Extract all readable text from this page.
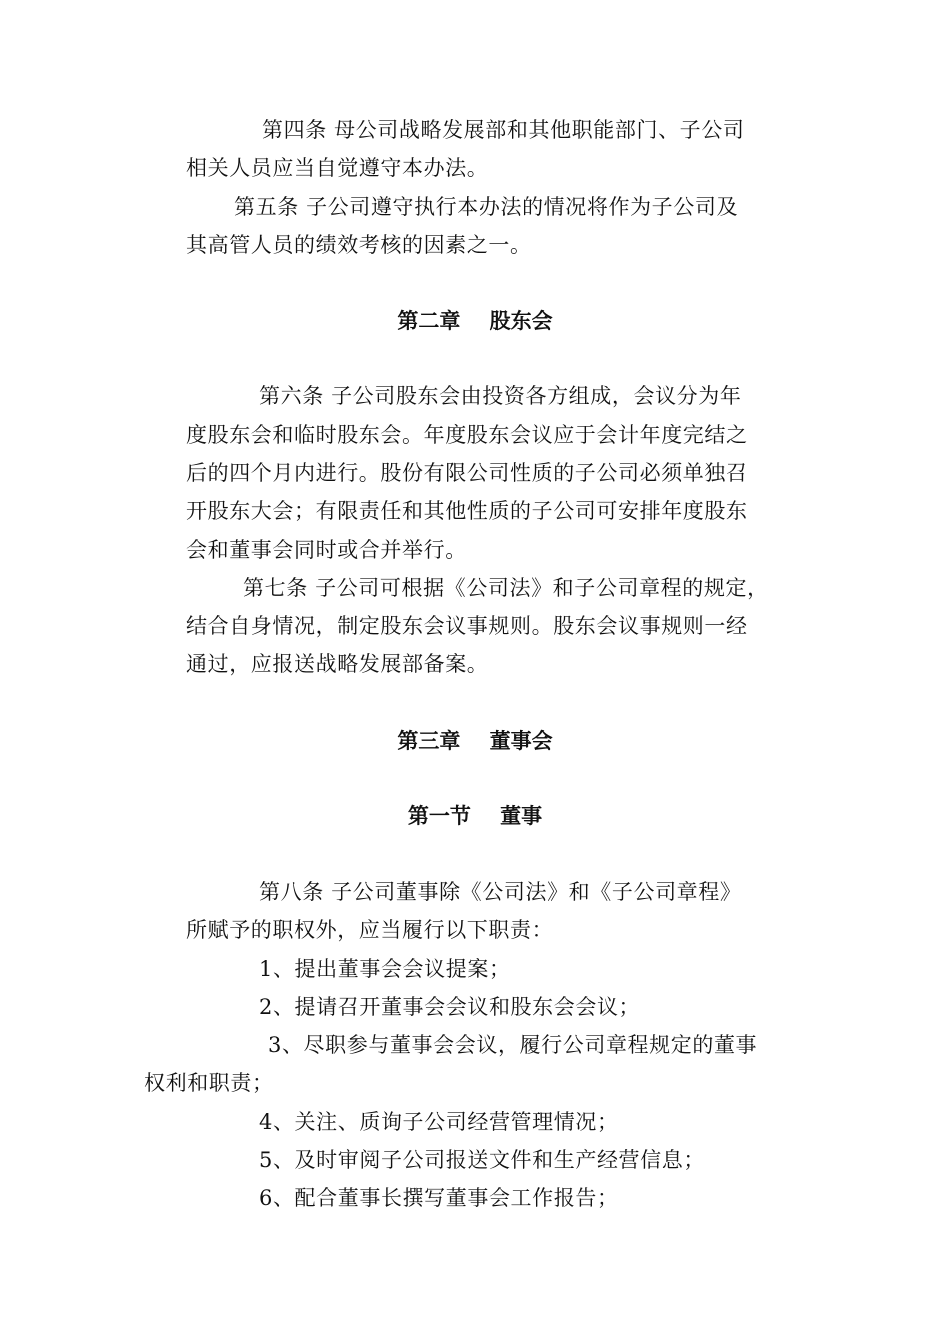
第四条 母公司战略发展部和其他职能部门、子公司
相关人员应当自觉遵守本办法。
第五条 子公司遵守执行本办法的情况将作为子公司及
其高管人员的绩效考核的因素之一。
第二章    股东会
第六条 子公司股东会由投资各方组成，会议分为年
度股东会和临时股东会。年度股东会议应于会计年度完结之
后的四个月内进行。股份有限公司性质的子公司必须单独召
开股东大会；有限责任和其他性质的子公司可安排年度股东
会和董事会同时或合并举行。
第七条 子公司可根据《公司法》和子公司章程的规定，
结合自身情况，制定股东会议事规则。股东会议事规则一经
通过，应报送战略发展部备案。
第三章    董事会
第一节    董事
第八条 子公司董事除《公司法》和《子公司章程》
所赋予的职权外，应当履行以下职责：
1、提出董事会会议提案；
2、提请召开董事会会议和股东会会议；
3、尽职参与董事会会议，履行公司章程规定的董事
权利和职责；
4、关注、质询子公司经营管理情况；
5、及时审阅子公司报送文件和生产经营信息；
6、配合董事长撰写董事会工作报告；
